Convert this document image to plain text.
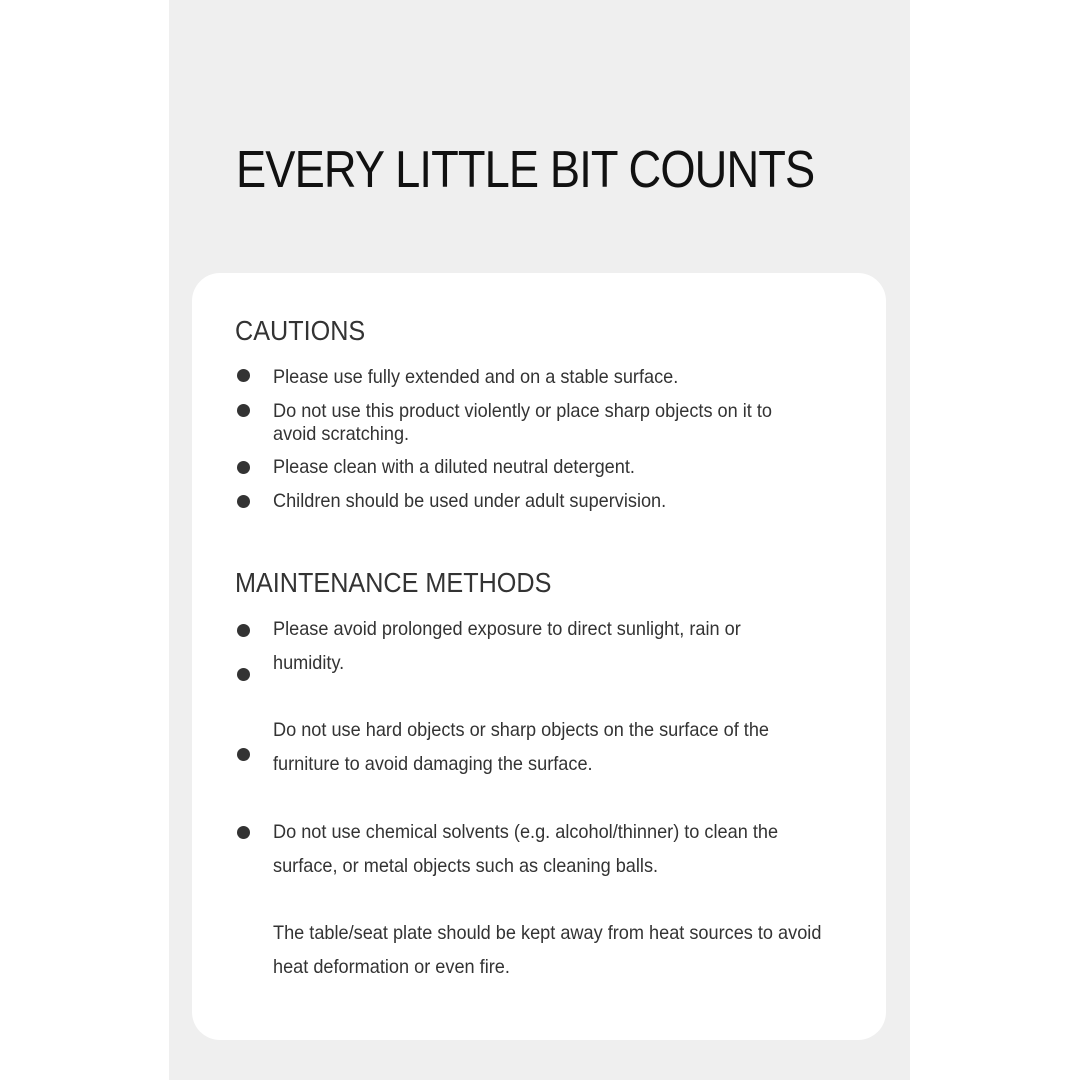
EVERY LITTLE BIT COUNTS
CAUTIONS

Please use fully extended and on a stable surface.

Do not use this product violently or place sharp objects on it to avoid scratching.

Please clean with a diluted neutral detergent.

Children should be used under adult supervision.

MAINTENANCE METHODS

Please avoid prolonged exposure to direct sunlight, rain or humidity.

Do not use hard objects or sharp objects on the surface of the furniture to avoid damaging the surface.

Do not use chemical solvents (e.g. alcohol/thinner) to clean the surface, or metal objects such as cleaning balls.

The table/seat plate should be kept away from heat sources to avoid heat deformation or even fire.
